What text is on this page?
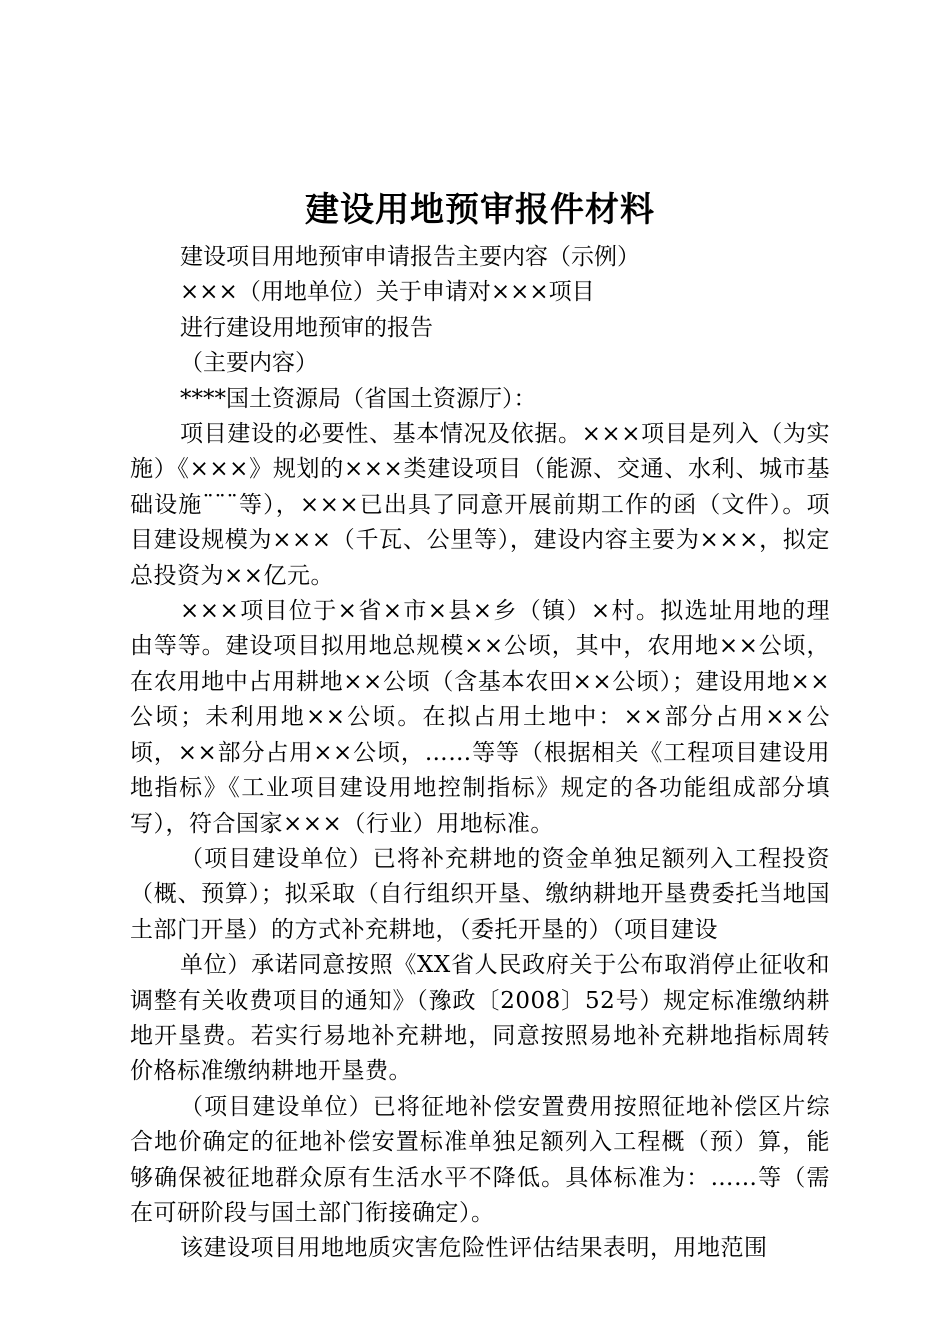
建设用地预审报件材料

建设项目用地预审申请报告主要内容（示例）

×××（用地单位）关于申请对×××项目

进行建设用地预审的报告

（主要内容）

****国土资源局（省国土资源厅）：

项目建设的必要性、基本情况及依据。×××项目是列入（为实施）《×××》规划的×××类建设项目（能源、交通、水利、城市基础设施¨¨¨等），×××已出具了同意开展前期工作的函（文件）。项目建设规模为×××（千瓦、公里等），建设内容主要为×××，拟定总投资为××亿元。

×××项目位于×省×市×县×乡（镇）×村。拟选址用地的理由等等。建设项目拟用地总规模××公顷，其中，农用地××公顷，在农用地中占用耕地××公顷（含基本农田××公顷）；建设用地××公顷；未利用地××公顷。在拟占用土地中：××部分占用××公顷，××部分占用××公顷，……等等（根据相关《工程项目建设用地指标》《工业项目建设用地控制指标》规定的各功能组成部分填写），符合国家×××（行业）用地标准。

（项目建设单位）已将补充耕地的资金单独足额列入工程投资（概、预算）；拟采取（自行组织开垦、缴纳耕地开垦费委托当地国土部门开垦）的方式补充耕地，（委托开垦的）（项目建设

单位）承诺同意按照《XX省人民政府关于公布取消停止征收和调整有关收费项目的通知》（豫政〔2008〕52号）规定标准缴纳耕地开垦费。若实行易地补充耕地，同意按照易地补充耕地指标周转价格标准缴纳耕地开垦费。

（项目建设单位）已将征地补偿安置费用按照征地补偿区片综合地价确定的征地补偿安置标准单独足额列入工程概（预）算，能够确保被征地群众原有生活水平不降低。具体标准为：……等（需在可研阶段与国土部门衔接确定）。

该建设项目用地地质灾害危险性评估结果表明，用地范围
